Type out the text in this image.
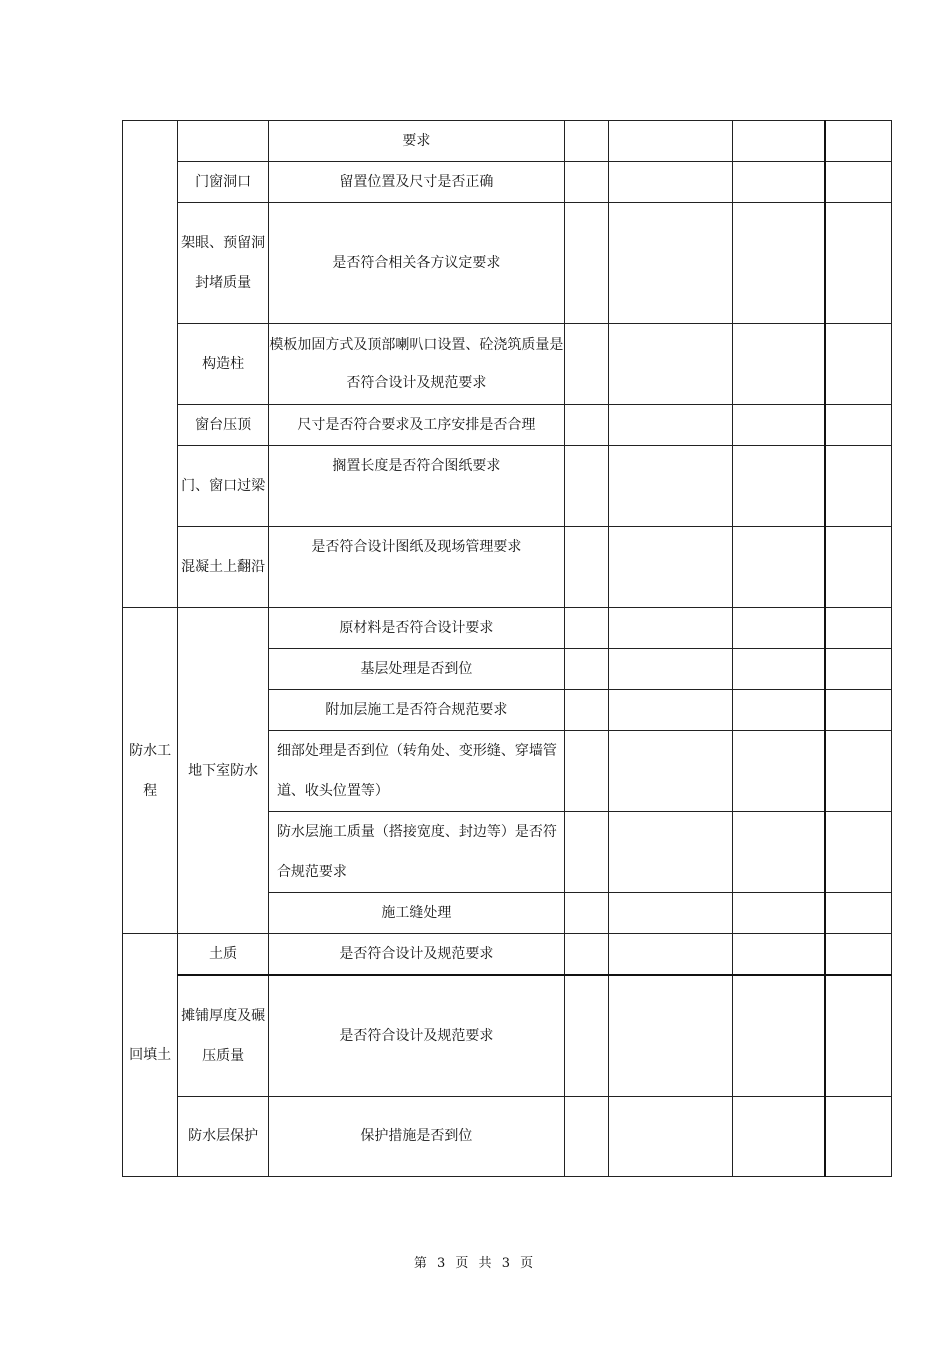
		要求				
	门窗洞口	留置位置及尺寸是否正确				
	架眼、预留洞封堵质量	是否符合相关各方议定要求				
	构造柱	模板加固方式及顶部喇叭口设置、砼浇筑质量是否符合设计及规范要求				
	窗台压顶	尺寸是否符合要求及工序安排是否合理				
	门、窗口过梁	搁置长度是否符合图纸要求				
	混凝土上翻沿	是否符合设计图纸及现场管理要求				
防水工程	地下室防水	原材料是否符合设计要求				
		基层处理是否到位				
		附加层施工是否符合规范要求				
		细部处理是否到位（转角处、变形缝、穿墙管道、收头位置等）				
		防水层施工质量（搭接宽度、封边等）是否符合规范要求				
		施工缝处理				
回填土	土质	是否符合设计及规范要求				
	摊铺厚度及碾压质量	是否符合设计及规范要求				
	防水层保护	保护措施是否到位				
第 3 页 共 3 页
